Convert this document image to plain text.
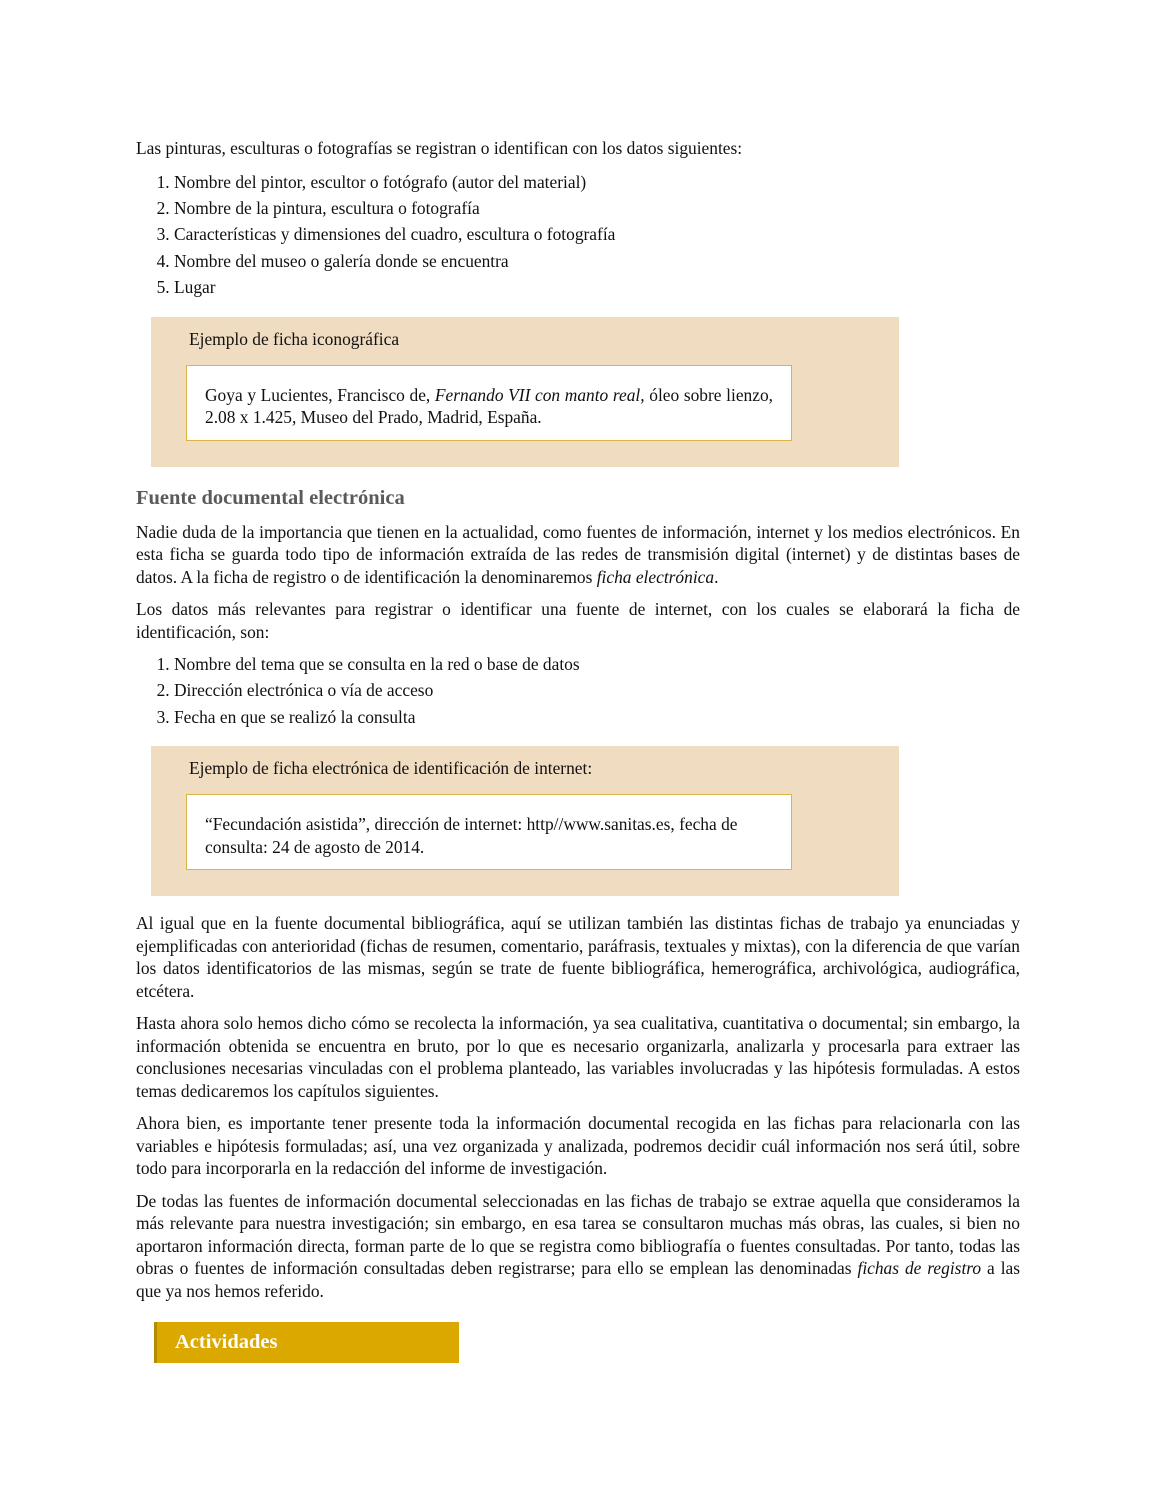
Las pinturas, esculturas o fotografías se registran o identifican con los datos siguientes:

1. Nombre del pintor, escultor o fotógrafo (autor del material)
2. Nombre de la pintura, escultura o fotografía
3. Características y dimensiones del cuadro, escultura o fotografía
4. Nombre del museo o galería donde se encuentra
5. Lugar
Ejemplo de ficha iconográfica
Goya y Lucientes, Francisco de, Fernando VII con manto real, óleo sobre lienzo, 2.08 x 1.425, Museo del Prado, Madrid, España.
Fuente documental electrónica

Nadie duda de la importancia que tienen en la actualidad, como fuentes de información, internet y los medios electrónicos. En esta ficha se guarda todo tipo de información extraída de las redes de transmisión digital (internet) y de distintas bases de datos. A la ficha de registro o de identificación la denominaremos ficha electrónica.

Los datos más relevantes para registrar o identificar una fuente de internet, con los cuales se elaborará la ficha de identificación, son:

1. Nombre del tema que se consulta en la red o base de datos
2. Dirección electrónica o vía de acceso
3. Fecha en que se realizó la consulta
Ejemplo de ficha electrónica de identificación de internet:
“Fecundación asistida”, dirección de internet: http//www.sanitas.es, fecha de consulta: 24 de agosto de 2014.

Al igual que en la fuente documental bibliográfica, aquí se utilizan también las distintas fichas de trabajo ya enunciadas y ejemplificadas con anterioridad (fichas de resumen, comentario, paráfrasis, textuales y mixtas), con la diferencia de que varían los datos identificatorios de las mismas, según se trate de fuente bibliográfica, hemerográfica, archivológica, audiográfica, etcétera.

Hasta ahora solo hemos dicho cómo se recolecta la información, ya sea cualitativa, cuantitativa o documental; sin embargo, la información obtenida se encuentra en bruto, por lo que es necesario organizarla, analizarla y procesarla para extraer las conclusiones necesarias vinculadas con el problema planteado, las variables involucradas y las hipótesis formuladas. A estos temas dedicaremos los capítulos siguientes.

Ahora bien, es importante tener presente toda la información documental recogida en las fichas para relacionarla con las variables e hipótesis formuladas; así, una vez organizada y analizada, podremos decidir cuál información nos será útil, sobre todo para incorporarla en la redacción del informe de investigación.

De todas las fuentes de información documental seleccionadas en las fichas de trabajo se extrae aquella que consideramos la más relevante para nuestra investigación; sin embargo, en esa tarea se consultaron muchas más obras, las cuales, si bien no aportaron información directa, forman parte de lo que se registra como bibliografía o fuentes consultadas. Por tanto, todas las obras o fuentes de información consultadas deben registrarse; para ello se emplean las denominadas fichas de registro a las que ya nos hemos referido.

Actividades
